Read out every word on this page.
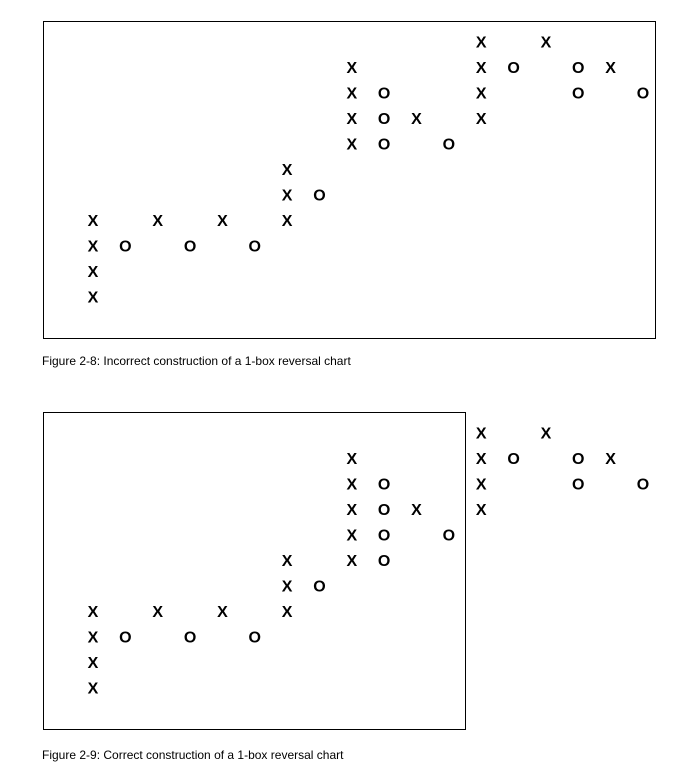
X
X
X
X
O
X
O
X
O
X
X
X
O
X
X
X
X
O
O
O
X
O
X
X
X
X
O
X
O
O X
O
Figure 2-8: Incorrect construction of a 1-box reversal chart
X
X
X
X
O
X
O
X
O
X
X
X
O
X
X
X
X
X
O
O
O
O
X
O
X
X
X
X
O
X
O
O X
O
Figure 2-9: Correct construction of a 1-box reversal chart
